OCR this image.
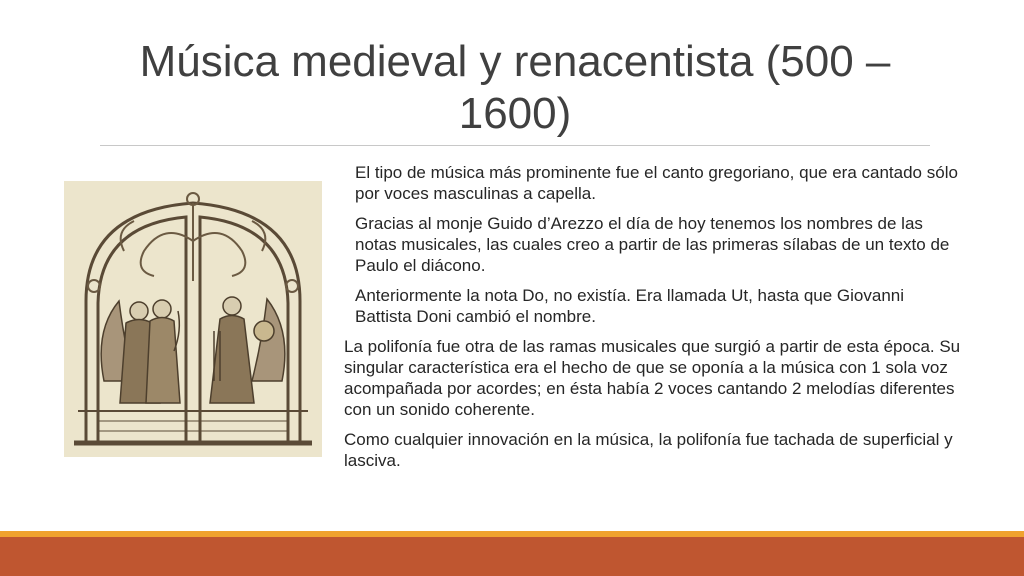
Música medieval y renacentista (500 – 1600)

El tipo de música más prominente fue el canto gregoriano, que era cantado sólo por voces masculinas a capella.

Gracias al monje Guido d’Arezzo el día de hoy tenemos los nombres de las notas musicales, las cuales creo a partir de las primeras sílabas de un texto de Paulo el diácono.

Anteriormente la nota Do, no existía. Era llamada Ut, hasta que Giovanni Battista Doni cambió el nombre.

La polifonía fue otra de las ramas musicales que surgió a partir de esta época. Su singular característica era el hecho de que se oponía a la música con 1 sola voz acompañada por acordes; en ésta había 2 voces cantando 2 melodías diferentes con un sonido coherente.

Como cualquier innovación en la música, la polifonía fue tachada de superficial y lasciva.
